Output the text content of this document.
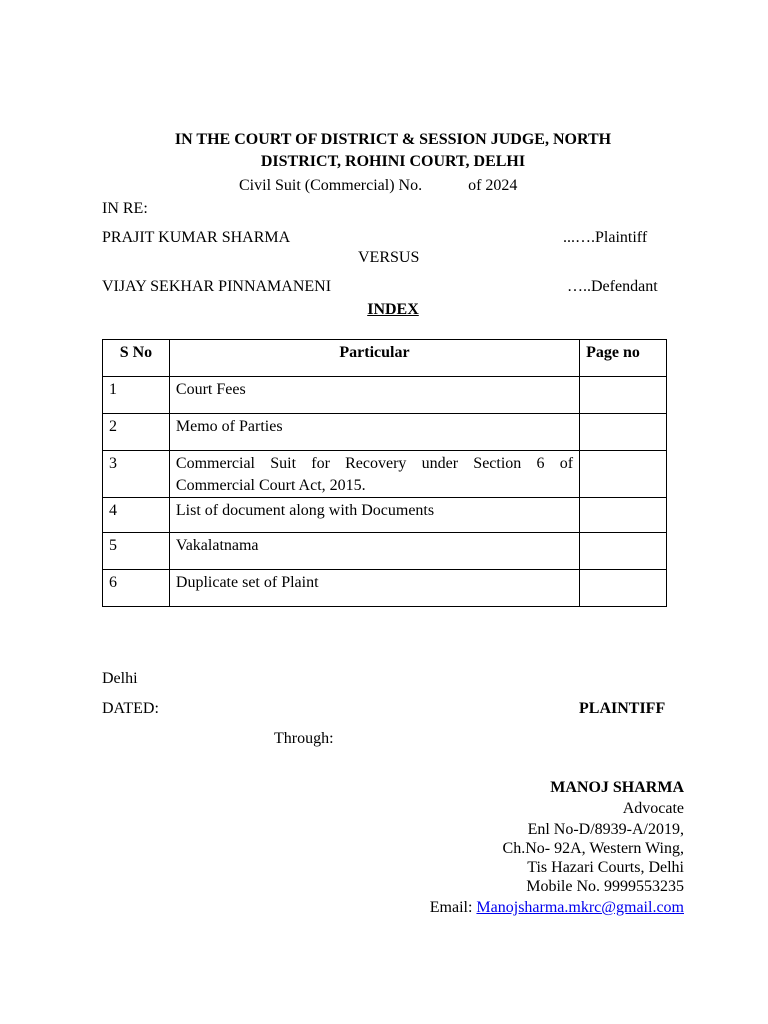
IN THE COURT OF DISTRICT & SESSION JUDGE, NORTH
DISTRICT, ROHINI COURT, DELHI
Civil Suit (Commercial) No.	of 2024
IN RE:
PRAJIT KUMAR SHARMA	...….Plaintiff
VERSUS
VIJAY SEKHAR PINNAMANENI	…..Defendant
INDEX
S No	Particular	Page no
1	Court Fees	
2	Memo of Parties	
3	Commercial Suit for Recovery under Section 6 of Commercial Court Act, 2015.	
4	List of document along with Documents	
5	Vakalatnama	
6	Duplicate set of Plaint	
Delhi
DATED:	PLAINTIFF
Through:
MANOJ SHARMA
Advocate
Enl No-D/8939-A/2019,
Ch.No- 92A, Western Wing,
Tis Hazari Courts, Delhi
Mobile No. 9999553235
Email: Manojsharma.mkrc@gmail.com
